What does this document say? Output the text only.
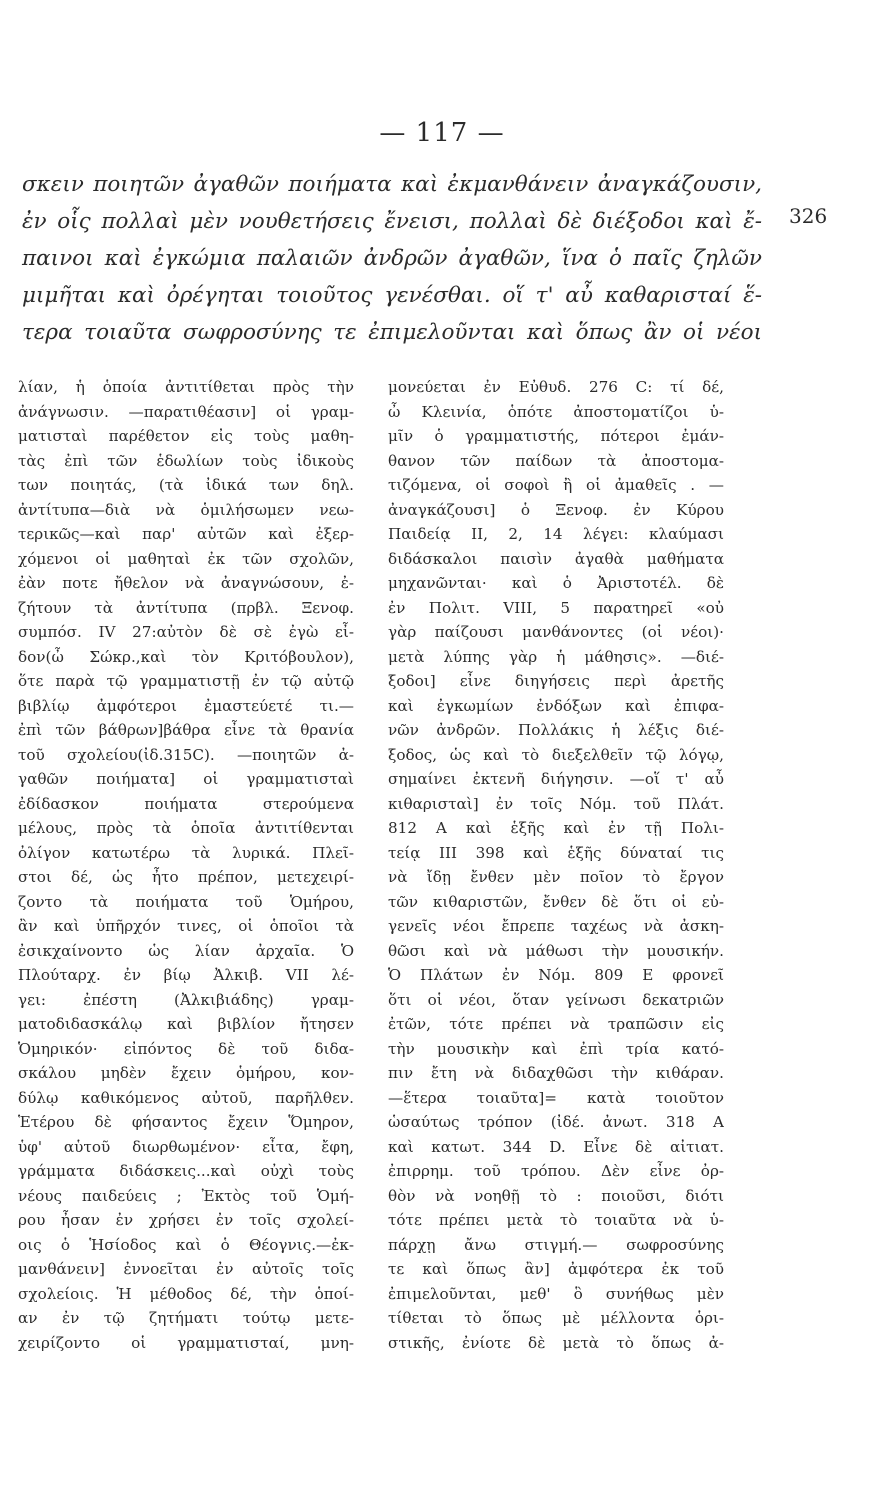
— 117 —
σκειν ποιητῶν ἀγαθῶν ποιήματα καὶ ἐκμανθάνειν ἀναγκάζουσιν,
ἐν οἷς πολλαὶ μὲν νουθετήσεις ἔνεισι, πολλαὶ δὲ διέξοδοι καὶ ἔ-
παινοι καὶ ἐγκώμια παλαιῶν ἀνδρῶν ἀγαθῶν, ἵνα ὁ παῖς ζηλῶν
μιμῆται καὶ ὀρέγηται τοιοῦτος γενέσθαι. οἵ τ' αὖ καθαρισταί ἕ-
τερα τοιαῦτα σωφροσύνης τε ἐπιμελοῦνται καὶ ὅπως ἂν οἱ νέοι
326
λίαν, ἡ ὁποία ἀντιτίθεται πρὸς τὴν
ἀνάγνωσιν. —παρατιθέασιν] οἱ γραμ-
ματισταὶ παρέθετον εἰς τοὺς μαθη-
τὰς ἐπὶ τῶν ἑδωλίων τοὺς ἰδικοὺς
των ποιητάς, (τὰ ἰδικά των δηλ.
ἀντίτυπα—διὰ νὰ ὁμιλήσωμεν νεω-
τερικῶς—καὶ παρ' αὐτῶν καὶ ἐξερ-
χόμενοι οἱ μαθηταὶ ἐκ τῶν σχολῶν,
ἐὰν ποτε ἤθελον νὰ ἀναγνώσουν, ἐ-
ζήτουν τὰ ἀντίτυπα (πρβλ. Ξενοφ.
συμπόσ. IV 27:αὐτὸν δὲ σὲ ἐγὼ εἶ-
δον(ὦ Σώκρ.,καὶ τὸν Κριτόβουλον),
ὅτε παρὰ τῷ γραμματιστῇ ἐν τῷ αὐτῷ
βιβλίῳ ἀμφότεροι ἐμαστεύετέ τι.—
ἐπὶ τῶν βάθρων]βάθρα εἶνε τὰ θρανία
τοῦ σχολείου(ἰδ.315C). —ποιητῶν ἀ-
γαθῶν ποιήματα] οἱ γραμματισταὶ
ἐδίδασκον ποιήματα στερούμενα
μέλους, πρὸς τὰ ὁποῖα ἀντιτίθενται
ὀλίγον κατωτέρω τὰ λυρικά. Πλεῖ-
στοι δέ, ὡς ἦτο πρέπον, μετεχειρί-
ζοντο τὰ ποιήματα τοῦ Ὁμήρου,
ἂν καὶ ὑπῆρχόν τινες, οἱ ὁποῖοι τὰ
ἐσικχαίνοντο ὡς λίαν ἀρχαῖα. Ὁ
Πλούταρχ. ἐν βίῳ Ἀλκιβ. VII λέ-
γει: ἐπέστη (Ἀλκιβιάδης) γραμ-
ματοδιδασκάλῳ καὶ βιβλίον ἤτησεν
Ὁμηρικόν· εἰπόντος δὲ τοῦ διδα-
σκάλου μηδὲν ἔχειν ὁμήρου, κον-
δύλῳ καθικόμενος αὐτοῦ, παρῆλθεν.
Ἑτέρου δὲ φήσαντος ἔχειν Ὅμηρον,
ὑφ' αὑτοῦ διωρθωμένον· εἶτα, ἔφη,
γράμματα διδάσκεις...καὶ οὐχὶ τοὺς
νέους παιδεύεις ; Ἐκτὸς τοῦ Ὁμή-
ρου ἦσαν ἐν χρήσει ἐν τοῖς σχολεί-
οις ὁ Ἡσίοδος καὶ ὁ Θέογνις.—ἐκ-
μανθάνειν] ἐννοεῖται ἐν αὐτοῖς τοῖς
σχολείοις. Ἡ μέθοδος δέ, τὴν ὁποί-
αν ἐν τῷ ζητήματι τούτῳ μετε-
χειρίζοντο οἱ γραμματισταί, μνη-
μονεύεται ἐν Εὐθυδ. 276 C: τί δέ,
ὦ Κλεινία, ὁπότε ἀποστοματίζοι ὑ-
μῖν ὁ γραμματιστής, πότεροι ἐμάν-
θανον τῶν παίδων τὰ ἀποστομα-
τιζόμενα, οἱ σοφοὶ ἢ οἱ ἀμαθεῖς . —
ἀναγκάζουσι] ὁ Ξενοφ. ἐν Κύρου
Παιδείᾳ II, 2, 14 λέγει: κλαύμασι
διδάσκαλοι παισὶν ἀγαθὰ μαθήματα
μηχανῶνται· καὶ ὁ Ἀριστοτέλ. δὲ
ἐν Πολιτ. VIII, 5 παρατηρεῖ «οὐ
γὰρ παίζουσι μανθάνοντες (οἱ νέοι)·
μετὰ λύπης γὰρ ἡ μάθησις». —διέ-
ξοδοι] εἶνε διηγήσεις περὶ ἀρετῆς
καὶ ἐγκωμίων ἐνδόξων καὶ ἐπιφα-
νῶν ἀνδρῶν. Πολλάκις ἡ λέξις διέ-
ξοδος, ὡς καὶ τὸ διεξελθεῖν τῷ λόγῳ,
σημαίνει ἐκτενῆ διήγησιν. —οἵ τ' αὖ
κιθαρισταὶ] ἐν τοῖς Νόμ. τοῦ Πλάτ.
812 A καὶ ἑξῆς καὶ ἐν τῇ Πολι-
τείᾳ III 398 καὶ ἑξῆς δύναταί τις
νὰ ἴδῃ ἔνθεν μὲν ποῖον τὸ ἔργον
τῶν κιθαριστῶν, ἔνθεν δὲ ὅτι οἱ εὐ-
γενεῖς νέοι ἔπρεπε ταχέως νὰ ἀσκη-
θῶσι καὶ νὰ μάθωσι τὴν μουσικήν.
Ὁ Πλάτων ἐν Νόμ. 809 E φρονεῖ
ὅτι οἱ νέοι, ὅταν γείνωσι δεκατριῶν
ἐτῶν, τότε πρέπει νὰ τραπῶσιν εἰς
τὴν μουσικὴν καὶ ἐπὶ τρία κατό-
πιν ἔτη νὰ διδαχθῶσι τὴν κιθάραν.
—ἕτερα τοιαῦτα]= κατὰ τοιοῦτον
ὡσαύτως τρόπον (ἰδέ. ἀνωτ. 318 A
καὶ κατωτ. 344 D. Εἶνε δὲ αἰτιατ.
ἐπιρρημ. τοῦ τρόπου. Δὲν εἶνε ὀρ-
θὸν νὰ νοηθῇ τὸ : ποιοῦσι, διότι
τότε πρέπει μετὰ τὸ τοιαῦτα νὰ ὑ-
πάρχῃ ἄνω στιγμή.— σωφροσύνης
τε καὶ ὅπως ἂν] ἀμφότερα ἐκ τοῦ
ἐπιμελοῦνται, μεθ' ὃ συνήθως μὲν
τίθεται τὸ ὅπως μὲ μέλλοντα ὁρι-
στικῆς, ἐνίοτε δὲ μετὰ τὸ ὅπως ἀ-
